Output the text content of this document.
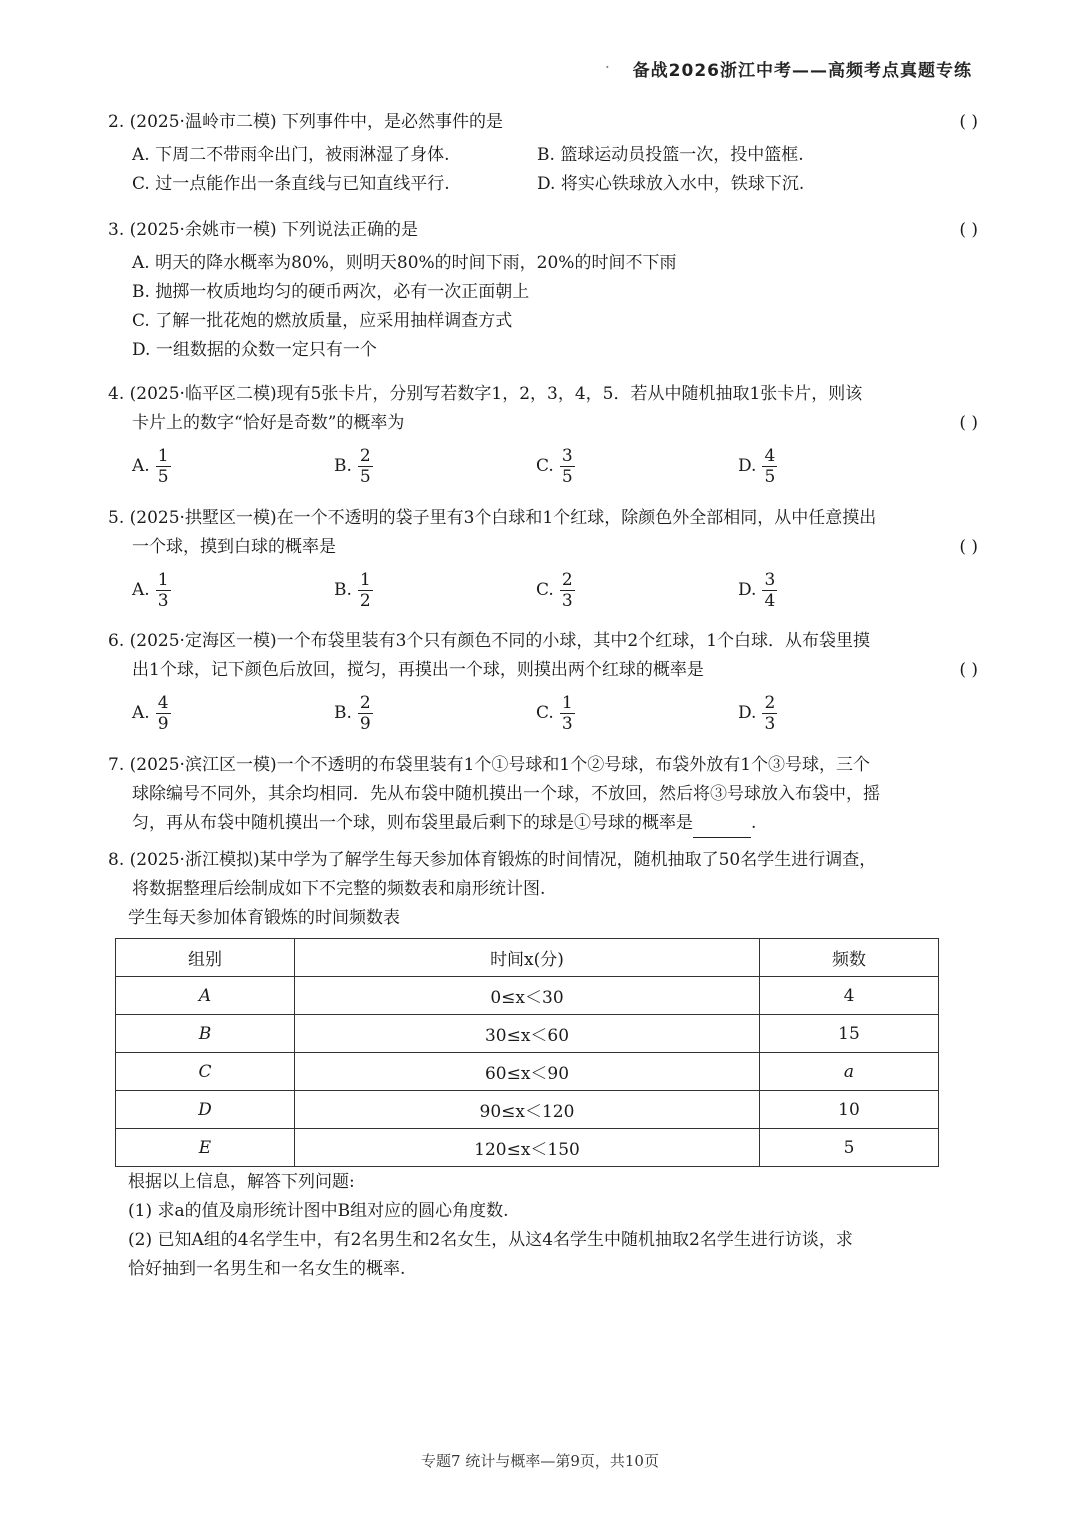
· 备战2026浙江中考——高频考点真题专练
2. (2025·温岭市二模) 下列事件中，是必然事件的是	( )
A. 下周二不带雨伞出门，被雨淋湿了身体.	B. 篮球运动员投篮一次，投中篮框.
C. 过一点能作出一条直线与已知直线平行.	D. 将实心铁球放入水中，铁球下沉.
3. (2025·余姚市一模) 下列说法正确的是	( )
A. 明天的降水概率为80%，则明天80%的时间下雨，20%的时间不下雨
B. 抛掷一枚质地均匀的硬币两次，必有一次正面朝上
C. 了解一批花炮的燃放质量，应采用抽样调查方式
D. 一组数据的众数一定只有一个
4. (2025·临平区二模)现有5张卡片，分别写若数字1，2，3，4，5．若从中随机抽取1张卡片，则该
卡片上的数字“恰好是奇数”的概率为	( )
A. $\frac{1}{5}$	B. $\frac{2}{5}$	C. $\frac{3}{5}$	D. $\frac{4}{5}$
5. (2025·拱墅区一模)在一个不透明的袋子里有3个白球和1个红球，除颜色外全部相同，从中任意摸出
一个球，摸到白球的概率是	( )
A. $\frac{1}{3}$	B. $\frac{1}{2}$	C. $\frac{2}{3}$	D. $\frac{3}{4}$
6. (2025·定海区一模)一个布袋里装有3个只有颜色不同的小球，其中2个红球，1个白球．从布袋里摸
出1个球，记下颜色后放回，搅匀，再摸出一个球，则摸出两个红球的概率是	( )
A. $\frac{4}{9}$	B. $\frac{2}{9}$	C. $\frac{1}{3}$	D. $\frac{2}{3}$
7. (2025·滨江区一模)一个不透明的布袋里装有1个①号球和1个②号球，布袋外放有1个③号球，三个
球除编号不同外，其余均相同．先从布袋中随机摸出一个球，不放回，然后将③号球放入布袋中，摇
匀，再从布袋中随机摸出一个球，则布袋里最后剩下的球是①号球的概率是	.
8. (2025·浙江模拟)某中学为了解学生每天参加体育锻炼的时间情况，随机抽取了50名学生进行调查，
将数据整理后绘制成如下不完整的频数表和扇形统计图.
学生每天参加体育锻炼的时间频数表
组别	时间x(分)	频数
A	0≤x＜30	4
B	30≤x＜60	15
C	60≤x＜90	a
D	90≤x＜120	10
E	120≤x＜150	5
根据以上信息，解答下列问题:
(1) 求a的值及扇形统计图中B组对应的圆心角度数.
(2) 已知A组的4名学生中，有2名男生和2名女生，从这4名学生中随机抽取2名学生进行访谈，求
恰好抽到一名男生和一名女生的概率.
专题7 统计与概率—第9页，共10页
